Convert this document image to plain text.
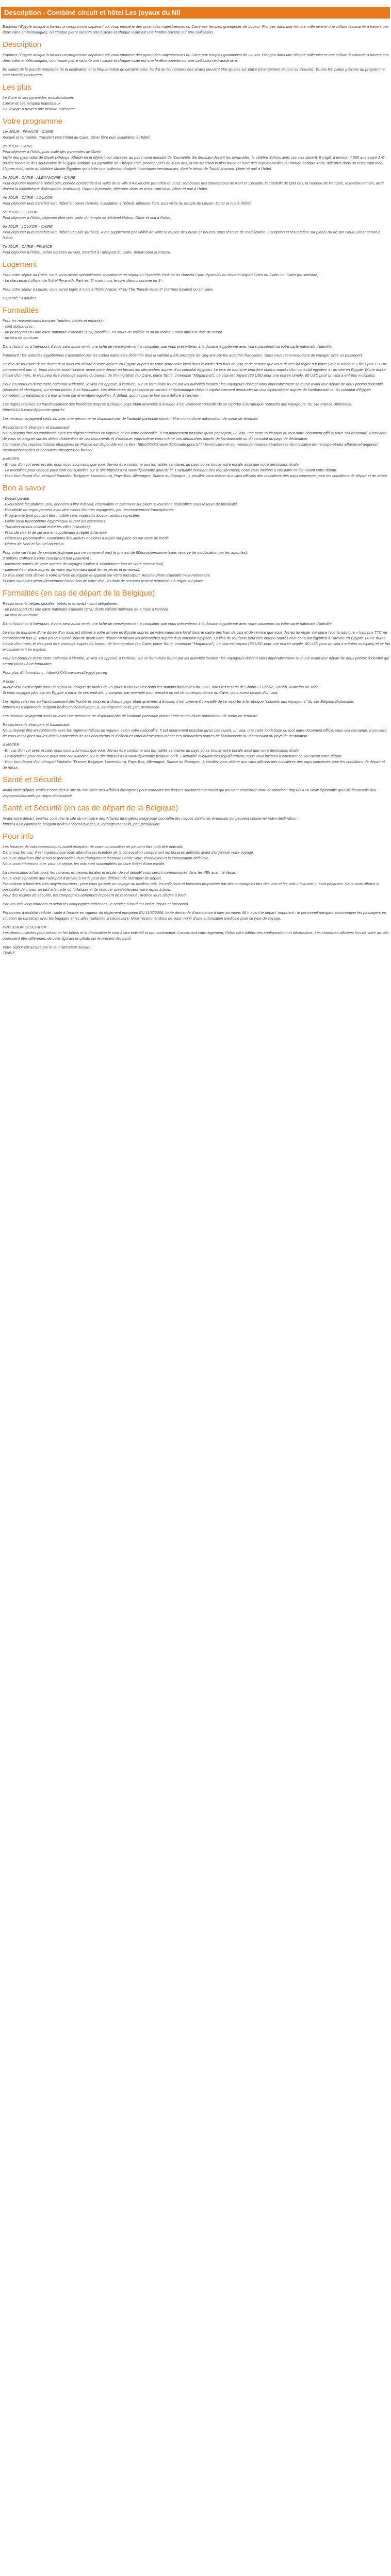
Description - Combiné circuit et hôtel Les joyaux du Nil

Explorez l'Égypte antique à travers un programme captivant qui vous emmène des pyramides majestueuses du Caire aux temples grandioses de Louxor. Plongez dans une histoire millénaire et une culture fascinante à travers ces deux villes emblématiques, où chaque pierre raconte une histoire et chaque visite est une fenêtre ouverte sur une civilisation...

Description

Explorez l'Égypte antique à travers un programme captivant qui vous emmène des pyramides majestueuses du Caire aux temples grandioses de Louxor. Plongez dans une histoire millénaire et une culture fascinante à travers ces deux villes emblématiques, où chaque pierre raconte une histoire et chaque visite est une fenêtre ouverte sur une civilisation extraordinaire.

En calant de la grande popularité de la destination et la fréquentation de certains sites, l'ordre ou les horaires des visites peuvent être ajustés sur place (changement de jour ou d'heure). Toutes les visites prévues au programme sont toutefois assurées.

Les plus

Le Caire et ses pyramides emblématiques
Louxor et ses temples majestueux
Un voyage à travers une histoire millénaire

Votre programme

1er JOUR : FRANCE - CAIRE
Accueil et formalités. Transfert vers l'hôtel au Caire. Dîner libre puis installation à l'hôtel.

2e JOUR : CAIRE
Petit déjeuner à l'hôtel, puis visite des pyramides de Gizeh
Visite des pyramides de Gizeh (Khéops, Khéphren et Mykérinos) classées au patrimoine mondial de l'humanité. Se dressant devant les pyramides, le célèbre Sphinx avec son nez absent. Il s'agit, à environ 4 500 ans avant J.-C., du site funéraire des souverains de l'Égypte antique. La pyramide de Khéops était, pendant près de 4000 ans, la construction la plus haute et l'une des sept merveilles du monde antique. Puis, déjeuner dans un restaurant local. L'après-midi, visite du célèbre Musée Égyptien qui abrite une collection d'objets historiques inestimables, dont le trésor de Toutânkhamon. Dîner et nuit à l'hôtel.

3e JOUR : CAIRE - ALEXANDRIE - CAIRE
Petit déjeuner matinal à l'hôtel puis journée consacrée à la visite de la ville d'Alexandrie (transfert en bus) : tombeaux des catacombes de Kom El Chokafa, la citadelle de Qait bey, la colonne de Pompée, le théâtre romain, arrêt devant la bibliothèque d'Alexandrie (extérieur). Durant la journée, déjeuner dans un restaurant local. Dîner et nuit à l'hôtel.

4e JOUR : CAIRE - LOUXOR
Petit déjeuner puis transfert vers l'hôtel à Louxor (arrivée, installation à l'hôtel), déjeuner libre, puis visite du temple de Louxor. Dîner et nuit à l'hôtel.

5e JOUR : LOUXOR
Petit déjeuner à l'hôtel, déjeuner libre puis visite du temple de Médinet Habou. Dîner et nuit à l'hôtel.

6e JOUR : LOUXOR - CAIRE
Petit déjeuner puis transfert vers l'hôtel au Caire (arrivée). Avec supplément possibilité de visite le musée de Louxor (7 heures, sous réserve de modification, inscription et réservation sur place) ou de son Souk. Dîner et nuit à l'hôtel.

7e JOUR : CAIRE - FRANCE
Petit déjeuner à l'hôtel. Selon horaires de vols, transfert à l'aéroport du Caire, départ pour la France.

Logement

Pour votre séjour au Caire, nous vous avons spécialement sélectionné un séjour au Pyramids Park ou au Barcelo Cairo Pyramids ou Novotel Airport Cairo ou Swiss Inn Cairo (ou similaire).
- Le classement officiel de l'hôtel Pyramids Park est 5* mais nous le considérons comme un 4*.

Pour votre séjour à Louxor, vous serez logés 2 nuits à l'hôtel Aracan 4* ou The Temple Hotel 3* (normes locales) ou similaire.

Capacité : 3 adultes.

Formalités

Pour les ressortissants français (adultes, bébés et enfants) :
- sont obligatoires :
- un passeport OU une carte nationale d'identité (CNI) plastifiée, en cours de validité et sa ou moins 6 mois après la date de retour
- un visa de tourisme

Dans l'octroi ou à l'aéroport, il vous sera aussi remis une fiche de renseignement à compléter que vous présenterez à la douane égyptienne avec votre passeport ou votre carte nationale d'identité.

Important : les autorités égyptiennes n'acceptent pas les cartes nationales d'identité dont la validité a été prorogée de cinq ans par les autorités françaises. Nous vous recommandons de voyager avec un passeport.

Le visa de tourisme d'une durée d'un mois est délivré à votre arrivée en Égypte auprès de votre partenaire local dans le cadre des frais de visa et de service que vous devrez lui régler sur place (voir la rubrique « frais prix TTC ne comprennent pas »). Vous pouvez aussi l'obtenir avant votre départ en faisant les démarches auprès d'un consulat égyptien. Le visa de tourisme peut être obtenu auprès d'un consulat égyptien à l'arrivée en Égypte. D'une durée initiale d'un mois, le visa peut être prolongé auprès du bureau de l'immigration (au Caire, place Tahrir, immeuble "Mogamma"). Le visa est payant (30 USD pour une entrée simple, 60 USD pour un visa à entrées multiples).

Pour les porteurs d'une carte nationale d'identité, le visa est apposé, à l'arrivée, sur un formulaire fourni par les autorités locales : les voyageurs doivent alors impérativement se munir avant leur départ de deux photos d'identité (récentes et identiques) qui seront jointes à ce formulaire. Les détenteurs de passeport de service et diplomatique doivent impérativement demander un visa diplomatique auprès de l'ambassade ou du consulat d'Égypte compétent, préalablement à leur arrivée sur le territoire égyptien. À défaut, aucun visa ne leur sera délivré à l'arrivée.

Les règles relatives au franchissement des frontières propres à chaque pays étant amenées à évoluer, il est vivement conseillé de se reporter à la rubrique "conseils aux voyageurs" du site France Diplomatie,
https//XXXX.www.diplomatie.gouv.fr/

Les mineurs voyageant seuls ou avec une personne ne disposant pas de l'autorité parentale doivent être munis d'une autorisation de sortie de territoire.

Ressortissants étrangers et binationaux
Nous devons être au conformité avec les réglementations en vigueur, selon votre nationalité. Il est notamment possible qu'un passeport, un visa, une carte touristique ou tout autre document officiel vous soit demandé. Il convient de vous renseigner sur les délais d'obtention de ces documents et d'effectuer vous-même vous-même ces démarches auprès de l'ambassade ou du consulat du pays de destination.
L'annuaire des représentations étrangères en France est disponible via ce lien : https//XXXX.www.diplomatie.gouv.fr/ fr/ le-ministere-et-son-reseau/annuaires-et-adresses-du-ministere-de-l-europe-et-des-affaires-etrangeres/ mean/ambassades-et-consulats-etrangers-en-france/

A NOTER
- En cas d'un vol avec escale, nous vous informons que vous devrez être conforme aux formalités sanitaires du pays où se trouve votre escale ainsi que votre destination finale.
- Le modalités pour chaque pays sont consultables sur le site https//XXXX.www.diplomatie.gouv.fr/ fr/. L'actualité évoluant très régulièrement, nous vous invitons à consulter ce lien avant votre départ.
- Pour tout départ d'un aéroport frontalier (Belgique, Luxembourg, Pays-Bas, Allemagne, Suisse ou Espagne...), veuillez vous référer aux sites officiels des ministères des pays concernés pour les conditions de départ et de retour.

Bon à savoir

- Départ garanti.
- Excursions facultatives, prix, données à titre indicatif, réservation et paiement sur place. Excursions réalisables sous réserve de faisabilité.
- Possibilité de regroupement avec des clients d'autres voyagistes, par nécessairement francophones.
- Programme type pouvant être modifié sans impératifs locaux, visites respectées.
- Guide local francophone égyptologue durant les excursions.
- Transfert en bus collectif entre les villes (climatisé).
- Frais de visa et de service en supplément à régler à l'arrivée.
- Dépenses personnelles, excursions facultatives et extras à régler sur place ou par carte de crédit.
- Dîners de Noël et Nouvel an inclus.

Pour votre vie ! frais de services (rubrique prix ne comprend pas) le prix est de 80euros/personne (sous réserve de modification par les autorités).
2 options s'offrent à vous concernant leur paiement :
- paiement auprès de votre agence de voyages (option à sélectionner lors de votre réservation)
- paiement sur place auprès de votre représentant local (en espèces et en euros).
Le visa vous sera délivré à votre arrivée en Égypte et apposé sur votre passeport. Aucune photo d'identité n'est nécessaire.
Si vous souhaitez gérer directement l'obtention de votre visa, les frais de services restent néanmoins à régler sur place.

Formalités (en cas de départ de la Belgique)

Ressortissants belges (adultes, bébés et enfants) - sont obligatoires :
- un passeport OU une carte nationale d'identité (CNI) d'une validité minimale de 6 mois à l'arrivée
- un visa de tourisme

Dans l'octroi ou à l'aéroport, il vous sera aussi remis une fiche de renseignement à compléter que vous présenterez à la douane égyptienne avec votre passeport ou votre carte nationale d'identité.

Le visa de tourisme d'une durée d'un mois est délivré à votre arrivée en Égypte auprès de votre partenaire local dans le cadre des frais de visa et de service que vous devrez lui régler sur place (voir la rubrique « frais prix TTC ne comprennent pas »). Vous pouvez aussi l'obtenir avant votre départ en faisant les démarches auprès d'un consulat égyptien. Le visa de tourisme peut être obtenu auprès d'un consulat égyptien à l'arrivée en Égypte. D'une durée initiale d'un mois, le visa peut être prolongé auprès du bureau de l'immigration (au Caire, place Tahrir, immeuble "Mogamma"). Le visa est payant (30 USD pour une entrée simple, 60 USD pour un visa à entrées multiples) et se fait exclusivement en espèce.

Pour les porteurs d'une carte nationale d'identité, le visa est apposé, à l'arrivée, sur un formulaire fourni par les autorités locales : les voyageurs doivent alors impérativement se munir avant leur départ de deux photos d'identité qui seront jointes à ce formulaire.

Pour plus d'informations : https//XXXX.www.eva2egypt.gov.eg

A noter :
Aucun visa n'est requis pour un séjour touristique de moins de 15 jours si vous restez dans les stations balnéaires du Sinaï, dans les resorts de Sharm El Sheikh, Dahab, Nuweiba ou Taba.
Si vous voyagez plus loin en Égypte à partir de ces endroits, y compris, par exemple pour prendre un vol de correspondance au Caire, vous aurez besoin d'un visa.

Les règles relatives au franchissement des frontières propres à chaque pays étant amenées à évoluer, il est vivement conseillé de se reporter à la rubrique "conseils aux voyageurs" du site Belgium Diplomatie,
https//XXXX.diplomatie.belgium.be/fr/Services/voyager_a_letranger/conseils_par_destination

Les mineurs voyageant seuls ou avec une personne ne disposant pas de l'autorité parentale doivent être munis d'une autorisation de sortie de territoire.

Ressortissants étrangers et binationaux
Nous devons être en conformité avec les réglementations en vigueur, selon votre nationalité. Il est notamment possible qu'un passeport, un visa, une carte touristique ou tout autre document officiel vous soit demandé. Il convient de vous renseigner sur les délais d'obtention de ces documents et d'effectuer vous-même vous-même ces démarches auprès de l'ambassade ou du consulat du pays de destination.

A NOTER
- En cas d'un vol avec escale, nous vous informons que vous devrez être conforme aux formalités sanitaires du pays où se trouve votre escale ainsi que votre destination finale.
- Le modalités pour chaque pays sont consultables sur le site https//XXXX.www.diplomatie.belgium.be/fr. L'actualité évoluant très régulièrement, nous vous invitons à consulter ce lien avant votre départ.
- Pour tout départ d'un aéroport frontalier (France, Belgique, Luxembourg, Pays-Bas, Allemagne, Suisse ou Espagne...), veuillez vous référer aux sites officiels des ministères des pays concernés pour les conditions de départ et de retour.

Santé et Sécurité

Avant votre départ, veuillez consulter le site du ministère des Affaires étrangères pour connaître les risques sanitaires éventuels qui peuvent concerner votre destination : https//XXXX.www.diplomatie.gouv.fr/ fr/conseils-aux-voyageurs/conseils-par-pays-destination/

Santé et Sécurité (en cas de départ de la Belgique)

Avant votre départ, veuillez consulter le site du ministère des Affaires étrangères belge pour connaître les risques sanitaires éventuels qui peuvent concerner votre destination : https//XXXX.diplomatie.belgium.be/fr/Services/voyager_a_letranger/conseils_par_destination

Pour info

Les horaires de vols communiqués avant réception de votre convocation ne peuvent être qu'à titre indicatif.
Dans tous les cas, il est impératif que vous attendiez la réception de la convocation comprenant les horaires définitifs avant d'organiser votre voyage.
Nous ne pourrions être tenus responsables d'un changement d'horaires entre votre réservation et la convocation définitive.
Nous vous informons que, pour ce séjour, les vols sont susceptibles de faire l'objet d'une escale.

La convocation à l'aéroport, les horaires en heures locales et le plan de vol définitif vous seront communiqués dans les 48h avant le départ.
Nous vous signalons que l'aéroport d'arrivée à Paris peut être différent de l'aéroport de départ.
Prestations à bord des vols moyen-courriers : pour vous garantir un voyage au meilleur prix, les collations et boissons proposées par des compagnies lors des vols et les vols « low cost », sont payantes. Nous vous offrons la possibilité de choisir un tarif à la carte ou forfaitaire et de réserver préalablement votre repas à bord.
Pour des raisons de sécurité, les compagnies aériennes imposent de réserver à l'avance leurs sièges à bord.

Par vos vols long-courriers et selon les compagnies aériennes, le service à bord est inclus (repas et boissons).

Personnes à mobilité réduite : suite à l'entrée en vigueur du règlement européen EU 1107/2006, toute demande d'assistance à faire au moins 48 h avant le départ. Important : le personnel navigant accompagne les passagers en situation de handicap avec les bagages et les ailes-roulantes si nécessaire. Nous recommandons de vous munir d'une autorisation médicale pour ce type de voyage.

PRÉCISION DESCRIPTIF
Les photos utilisées pour présenter les hôtels et la destination le sont à titre indicatif et non contractuel. Concernant votre logement, l'hôtel offre différentes configurations et décorations. Les chambres allouées lors de votre arrivée pourraient être différentes de celle figurant en photo sur le présent descriptif.

Votre séjour est assuré par le tour opérateur suivant :
TRAVE
